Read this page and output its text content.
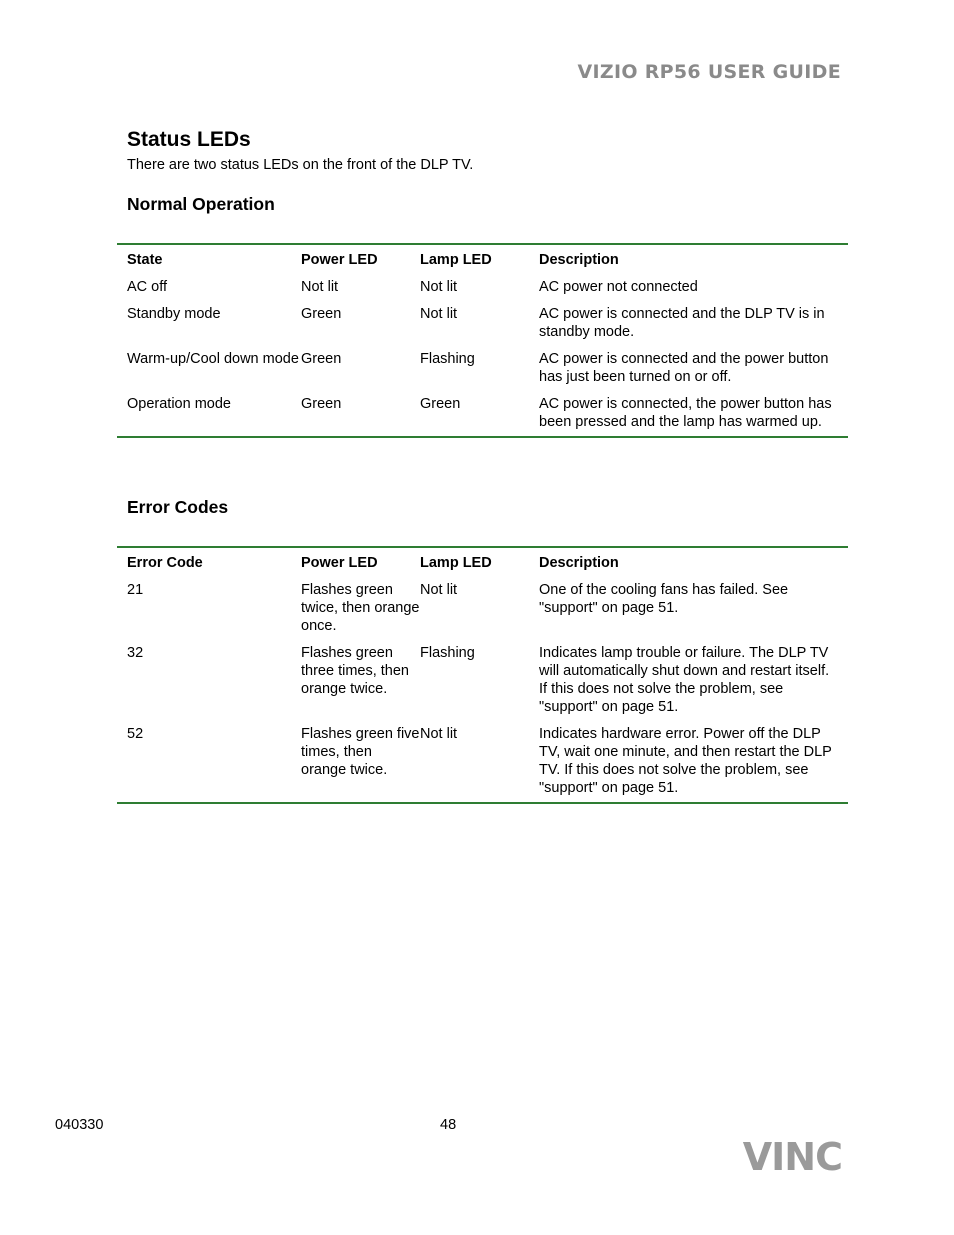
VIZIO RP56 USER GUIDE
Status LEDs
There are two status LEDs on the front of the DLP TV.
Normal Operation
State	Power LED	Lamp LED	Description
AC off	Not lit	Not lit	AC power not connected
Standby mode	Green	Not lit	AC power is connected and the DLP TV is in standby mode.
Warm-up/Cool down mode	Green	Flashing	AC power is connected and the power button has just been turned on or off.
Operation mode	Green	Green	AC power is connected, the power button has been pressed and the lamp has warmed up.
Error Codes
Error Code	Power LED	Lamp LED	Description
21	Flashes green twice, then orange once.	Not lit	One of the cooling fans has failed. See "support" on page 51.
32	Flashes green three times, then orange twice.	Flashing	Indicates lamp trouble or failure. The DLP TV will automatically shut down and restart itself. If this does not solve the problem, see "support" on page 51.
52	Flashes green five times, then orange twice.	Not lit	Indicates hardware error. Power off the DLP TV, wait one minute, and then restart the DLP TV. If this does not solve the problem, see "support" on page 51.
040330	48
VINC
